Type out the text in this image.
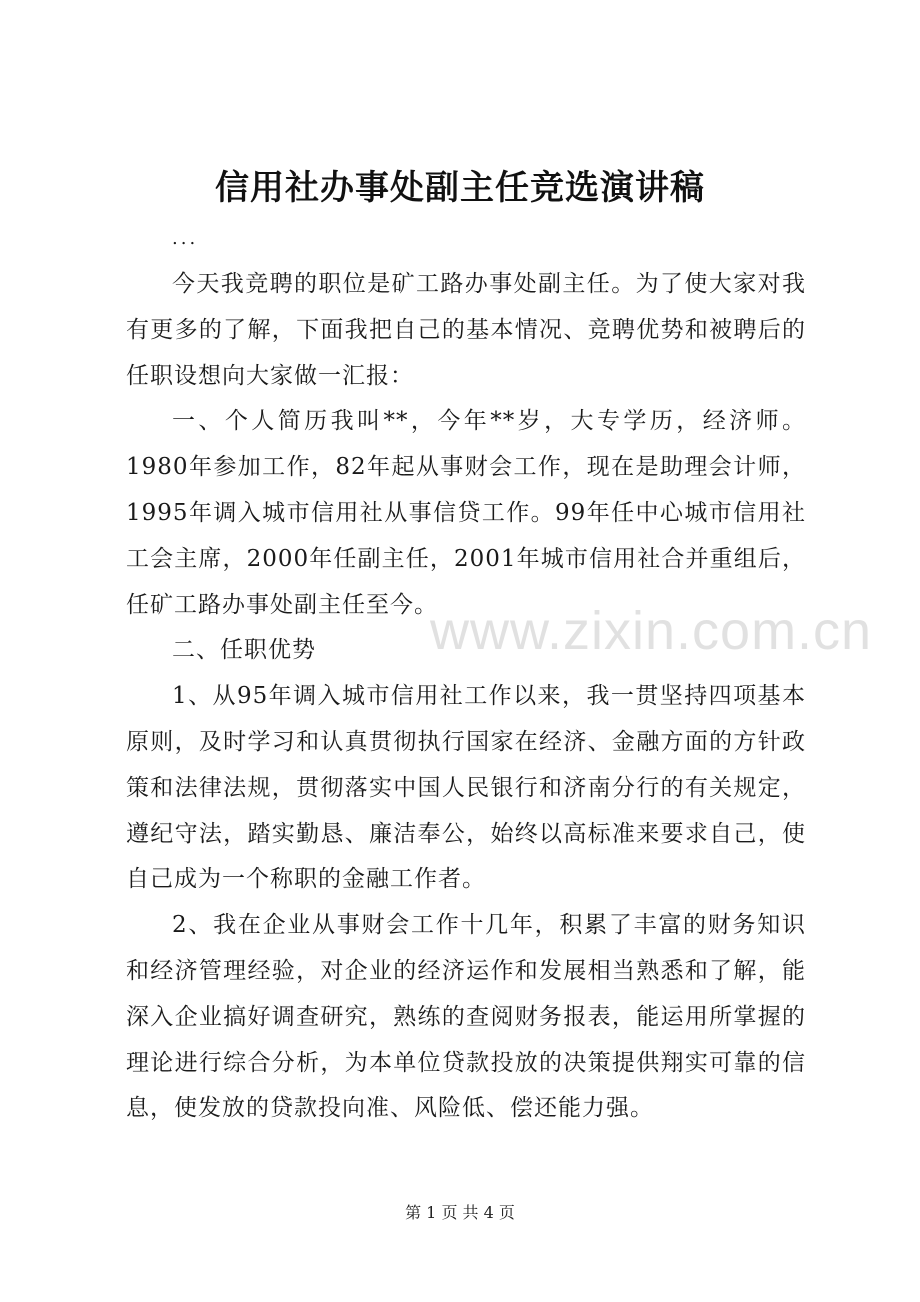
信用社办事处副主任竞选演讲稿
...

今天我竞聘的职位是矿工路办事处副主任。为了使大家对我有更多的了解，下面我把自己的基本情况、竞聘优势和被聘后的任职设想向大家做一汇报：

一、个人简历我叫**，今年**岁，大专学历，经济师。1980年参加工作，82年起从事财会工作，现在是助理会计师，1995年调入城市信用社从事信贷工作。99年任中心城市信用社工会主席，2000年任副主任，2001年城市信用社合并重组后，任矿工路办事处副主任至今。

二、任职优势

1、从95年调入城市信用社工作以来，我一贯坚持四项基本原则，及时学习和认真贯彻执行国家在经济、金融方面的方针政策和法律法规，贯彻落实中国人民银行和济南分行的有关规定，遵纪守法，踏实勤恳、廉洁奉公，始终以高标准来要求自己，使自己成为一个称职的金融工作者。

2、我在企业从事财会工作十几年，积累了丰富的财务知识和经济管理经验，对企业的经济运作和发展相当熟悉和了解，能深入企业搞好调查研究，熟练的查阅财务报表，能运用所掌握的理论进行综合分析，为本单位贷款投放的决策提供翔实可靠的信息，使发放的贷款投向准、风险低、偿还能力强。

www.zixin.com.cn
第 1 页 共 4 页
